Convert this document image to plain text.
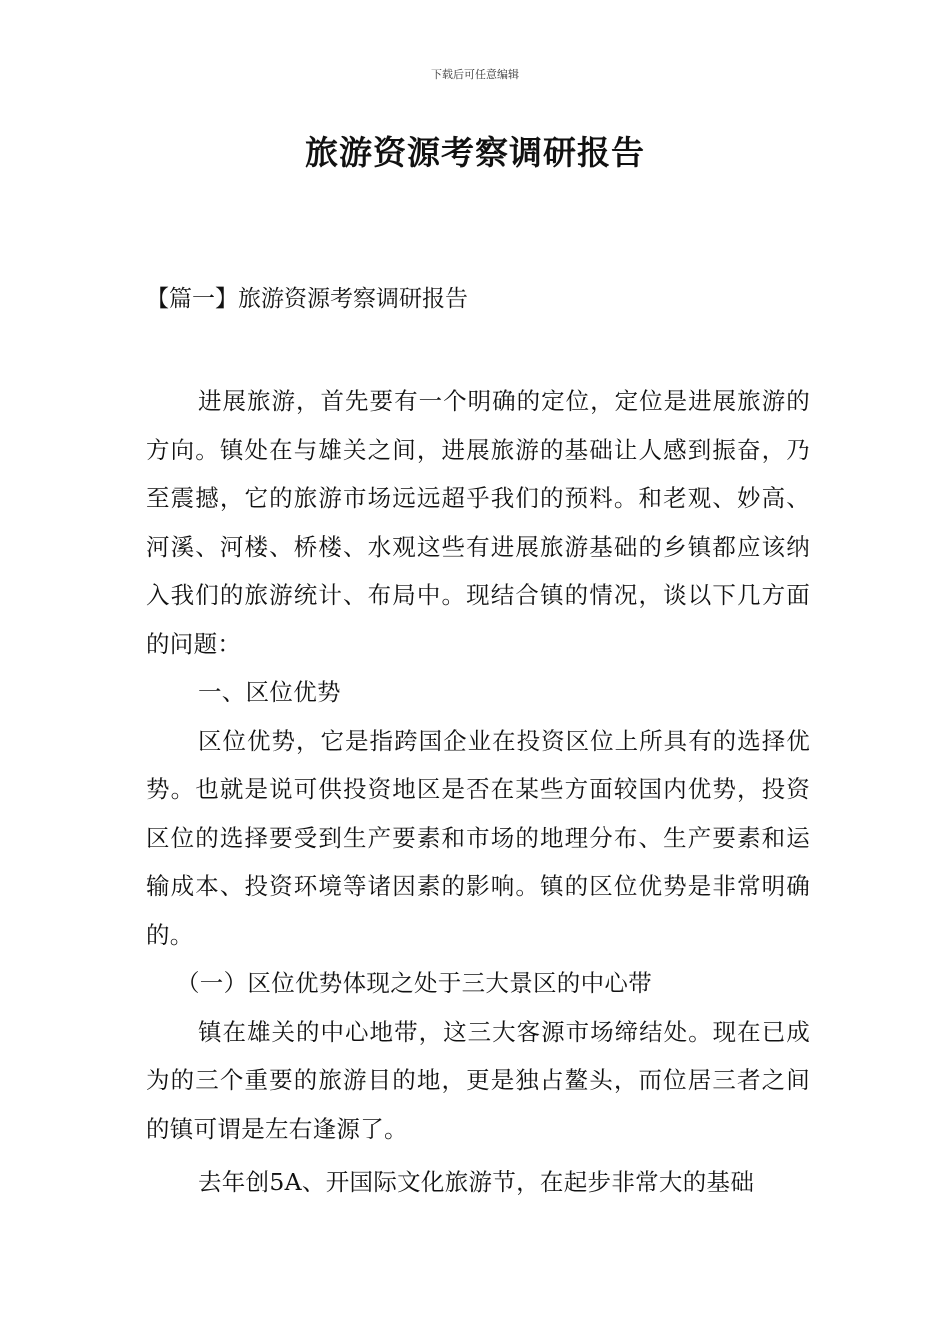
下载后可任意编辑
旅游资源考察调研报告
【篇一】旅游资源考察调研报告

进展旅游，首先要有一个明确的定位，定位是进展旅游的方向。镇处在与雄关之间，进展旅游的基础让人感到振奋，乃至震撼，它的旅游市场远远超乎我们的预料。和老观、妙高、河溪、河楼、桥楼、水观这些有进展旅游基础的乡镇都应该纳入我们的旅游统计、布局中。现结合镇的情况，谈以下几方面的问题：

一、区位优势

区位优势，它是指跨国企业在投资区位上所具有的选择优势。也就是说可供投资地区是否在某些方面较国内优势，投资区位的选择要受到生产要素和市场的地理分布、生产要素和运输成本、投资环境等诸因素的影响。镇的区位优势是非常明确的。

（一）区位优势体现之处于三大景区的中心带

镇在雄关的中心地带，这三大客源市场缔结处。现在已成为的三个重要的旅游目的地，更是独占鳌头，而位居三者之间的镇可谓是左右逢源了。

去年创5A、开国际文化旅游节，在起步非常大的基础
